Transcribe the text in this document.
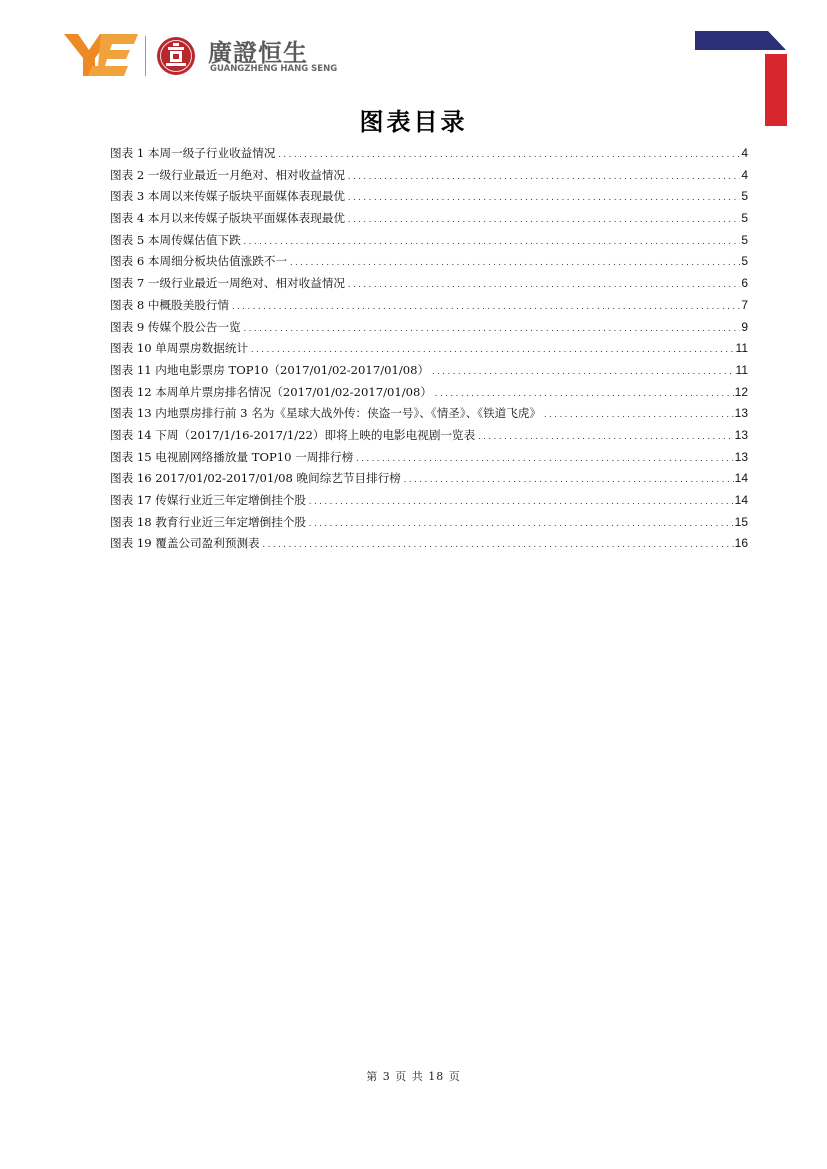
廣證恒生
GUANGZHENG HANG SENG
图表目录
图表 1 本周一级子行业收益情况 .....	4
图表 2 一级行业最近一月绝对、相对收益情况 .....	4
图表 3 本周以来传媒子版块平面媒体表现最优 .....	5
图表 4 本月以来传媒子版块平面媒体表现最优 .....	5
图表 5 本周传媒估值下跌 .....	5
图表 6 本周细分板块估值涨跌不一 .....	5
图表 7 一级行业最近一周绝对、相对收益情况 .....	6
图表 8 中概股美股行情 .....	7
图表 9 传媒个股公告一览 .....	9
图表 10 单周票房数据统计 .....	11
图表 11 内地电影票房 TOP10（2017/01/02-2017/01/08） .....	11
图表 12 本周单片票房排名情况（2017/01/02-2017/01/08） .....	12
图表 13 内地票房排行前 3 名为《星球大战外传：侠盗一号》、《情圣》、《铁道飞虎》 .....	13
图表 14 下周（2017/1/16-2017/1/22）即将上映的电影电视剧一览表 .....	13
图表 15 电视剧网络播放量 TOP10 一周排行榜 .....	13
图表 16 2017/01/02-2017/01/08 晚间综艺节目排行榜 .....	14
图表 17 传媒行业近三年定增倒挂个股 .....	14
图表 18 教育行业近三年定增倒挂个股 .....	15
图表 19 覆盖公司盈利预测表 .....	16
第 3 页 共 18 页
